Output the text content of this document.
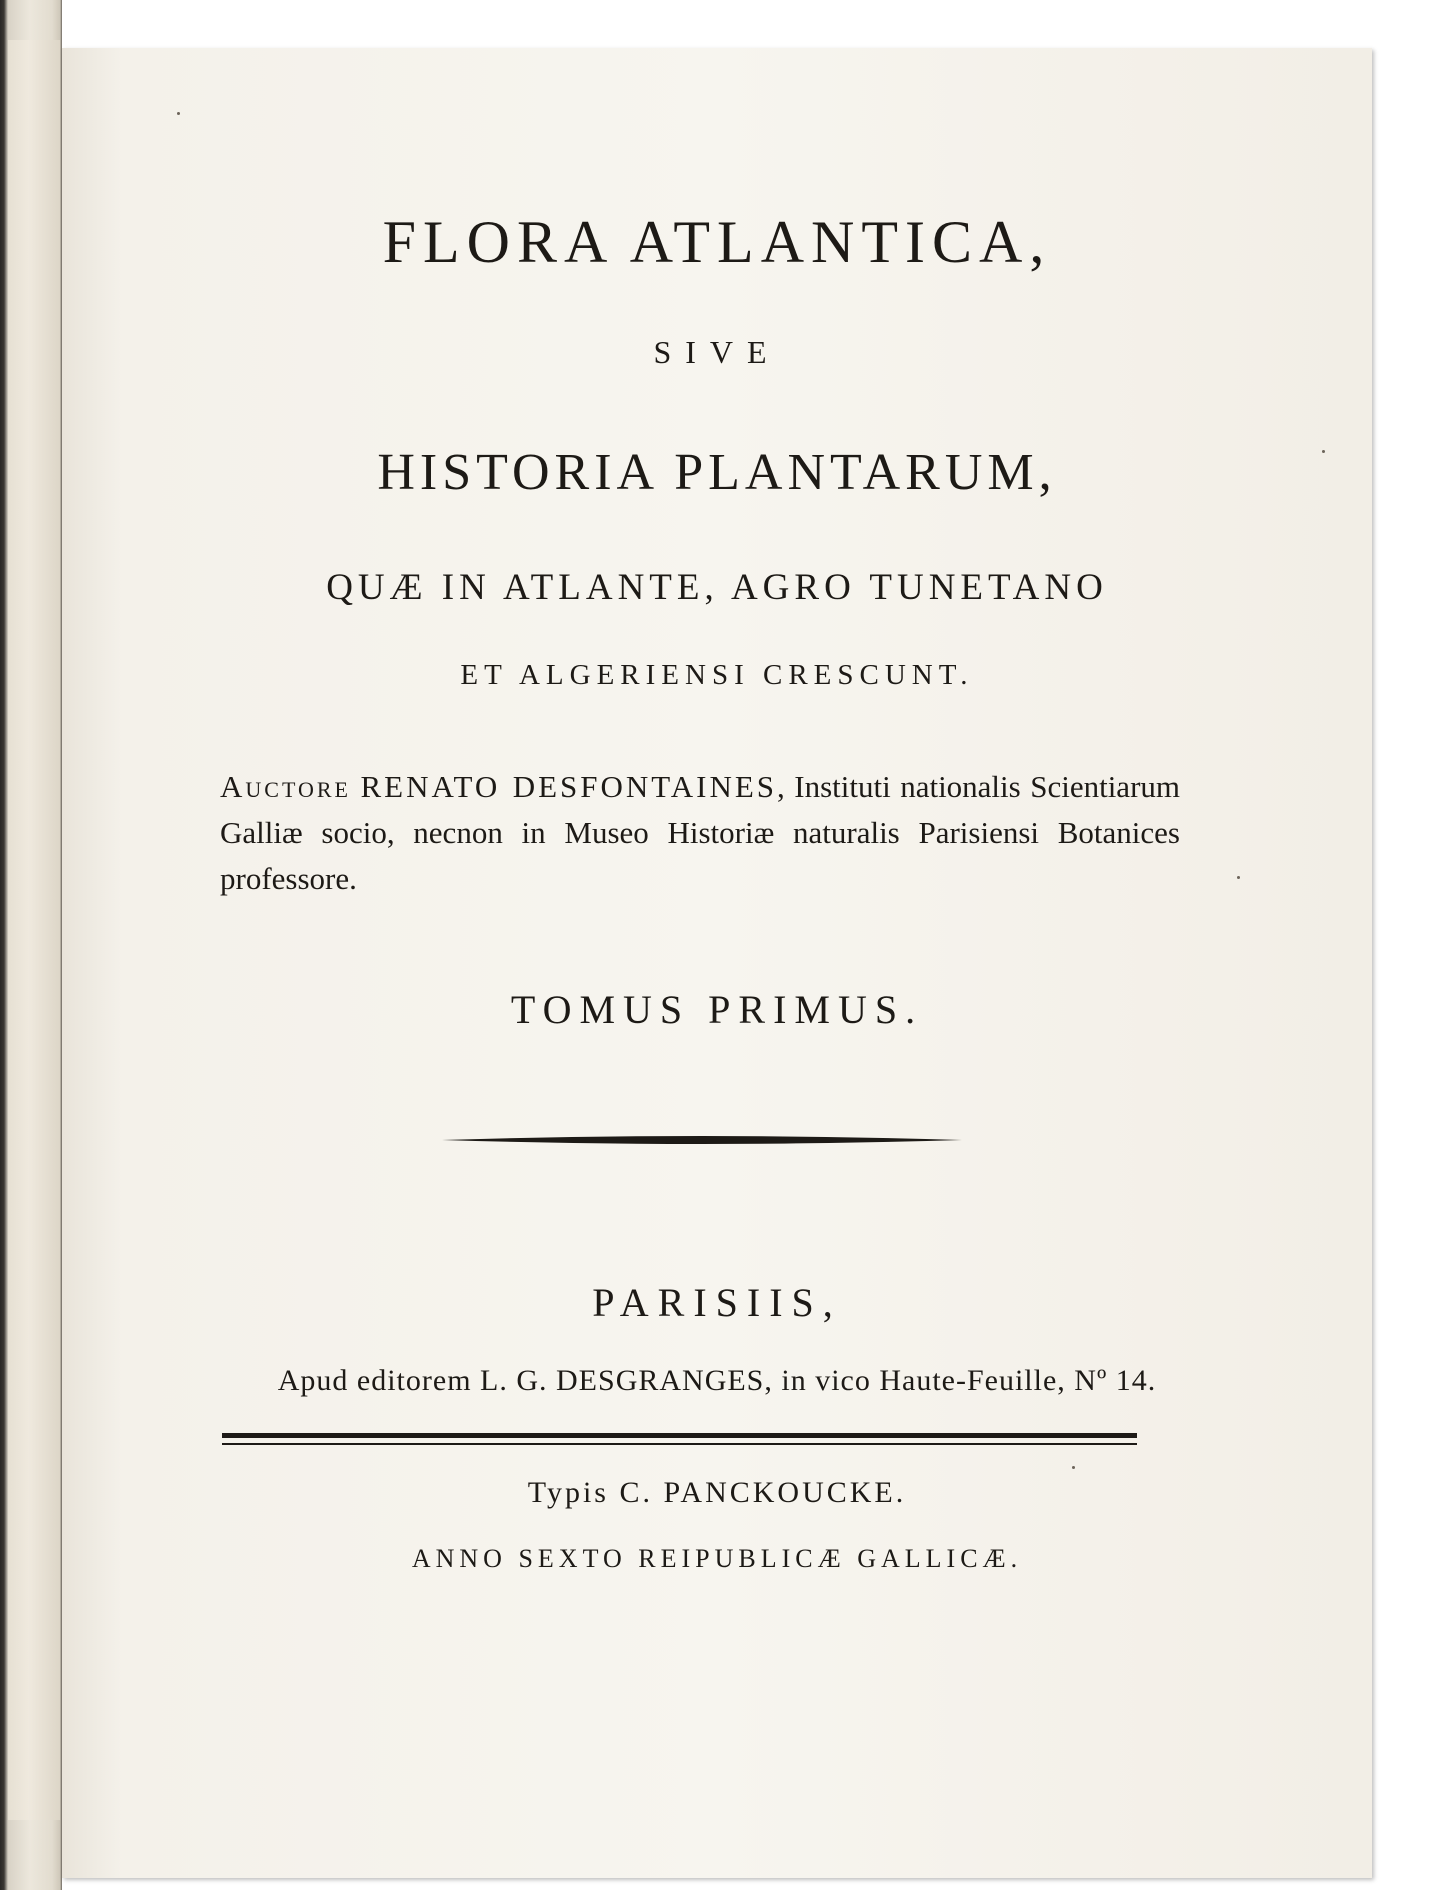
FLORA ATLANTICA,
SIVE
HISTORIA PLANTARUM,
QUÆ IN ATLANTE, AGRO TUNETANO
ET ALGERIENSI CRESCUNT.
Auctore RENATO DESFONTAINES, Instituti nationalis Scientiarum Galliæ socio, necnon in Museo Historiæ naturalis Parisiensi Botanices professore.
TOMUS PRIMUS.
PARISIIS,
Apud editorem L. G. DESGRANGES, in vico Haute-Feuille, Nº 14.
Typis C. PANCKOUCKE.
ANNO SEXTO REIPUBLICÆ GALLICÆ.
